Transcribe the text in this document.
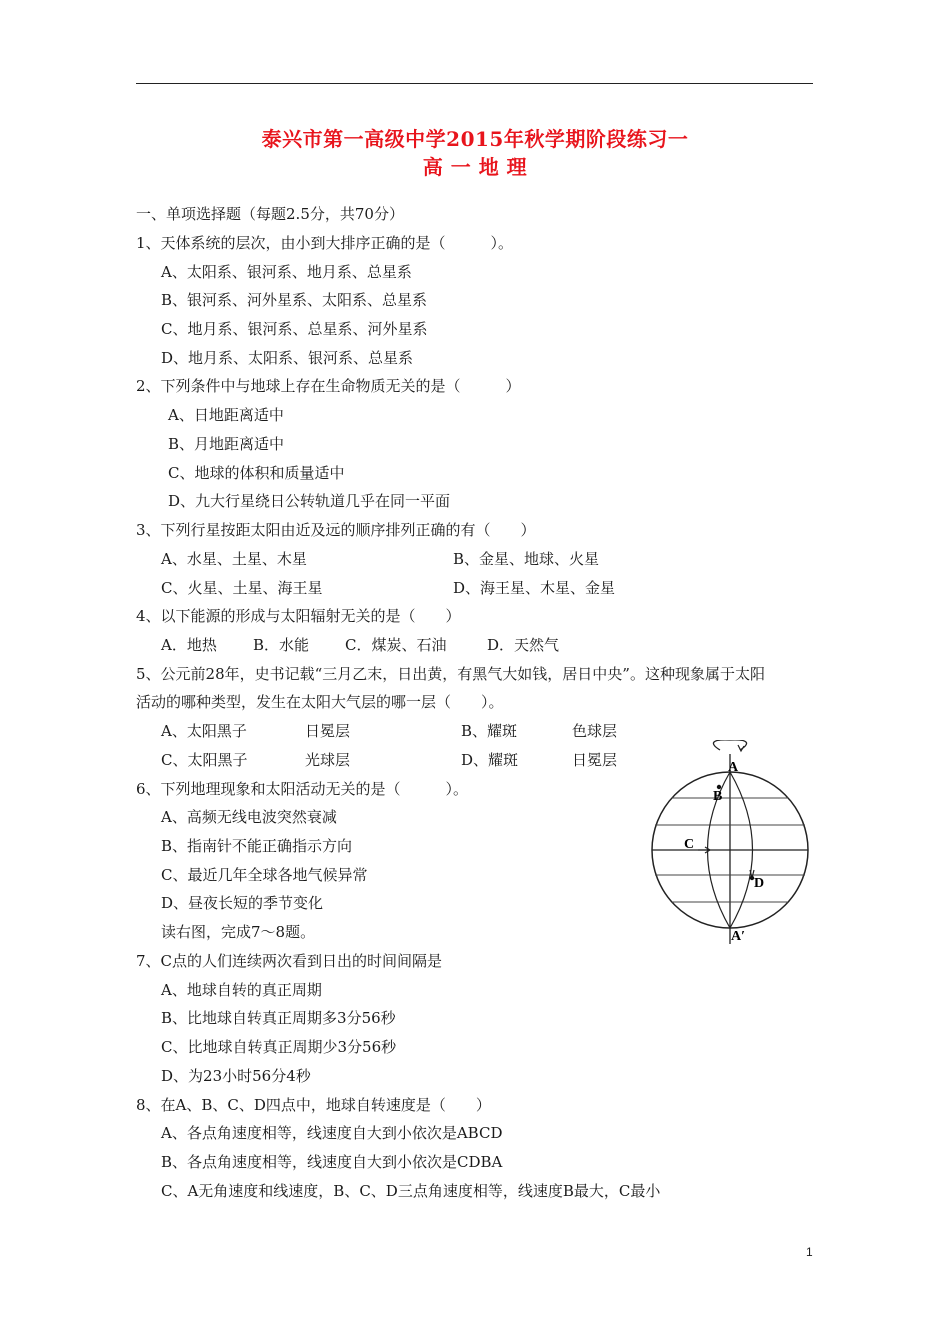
泰兴市第一高级中学2015年秋学期阶段练习一
高 一 地 理
一、单项选择题（每题2.5分，共70分）
1、天体系统的层次，由小到大排序正确的是（　　　）。
A、太阳系、银河系、地月系、总星系
B、银河系、河外星系、太阳系、总星系
C、地月系、银河系、总星系、河外星系
D、地月系、太阳系、银河系、总星系
2、下列条件中与地球上存在生命物质无关的是（　　　）
A、日地距离适中
B、月地距离适中
C、地球的体积和质量适中
D、九大行星绕日公转轨道几乎在同一平面
3、下列行星按距太阳由近及远的顺序排列正确的有（　　）
A、水星、土星、木星	B、金星、地球、火星
C、火星、土星、海王星	D、海王星、木星、金星
4、以下能源的形成与太阳辐射无关的是（　　）
A．地热 B．水能 C．煤炭、石油	D．天然气
5、公元前28年，史书记载“三月乙末，日出黄，有黑气大如钱，居日中央”。这种现象属于太阳
活动的哪种类型，发生在太阳大气层的哪一层（　　）。
A、太阳黑子	日冕层	B、耀斑	色球层
C、太阳黑子	光球层	D、耀斑	日冕层
6、下列地理现象和太阳活动无关的是（　　　）。
A、高频无线电波突然衰减
B、指南针不能正确指示方向
C、最近几年全球各地气候异常
D、昼夜长短的季节变化
读右图，完成7～8题。
7、C点的人们连续两次看到日出的时间间隔是
A、地球自转的真正周期
B、比地球自转真正周期多3分56秒
C、比地球自转真正周期少3分56秒
D、为23小时56分4秒
8、在A、B、C、D四点中，地球自转速度是（　　）
A、各点角速度相等，线速度自大到小依次是ABCD
B、各点角速度相等，线速度自大到小依次是CDBA
C、A无角速度和线速度，B、C、D三点角速度相等，线速度B最大，C最小
A
B
C
D
A′
1
